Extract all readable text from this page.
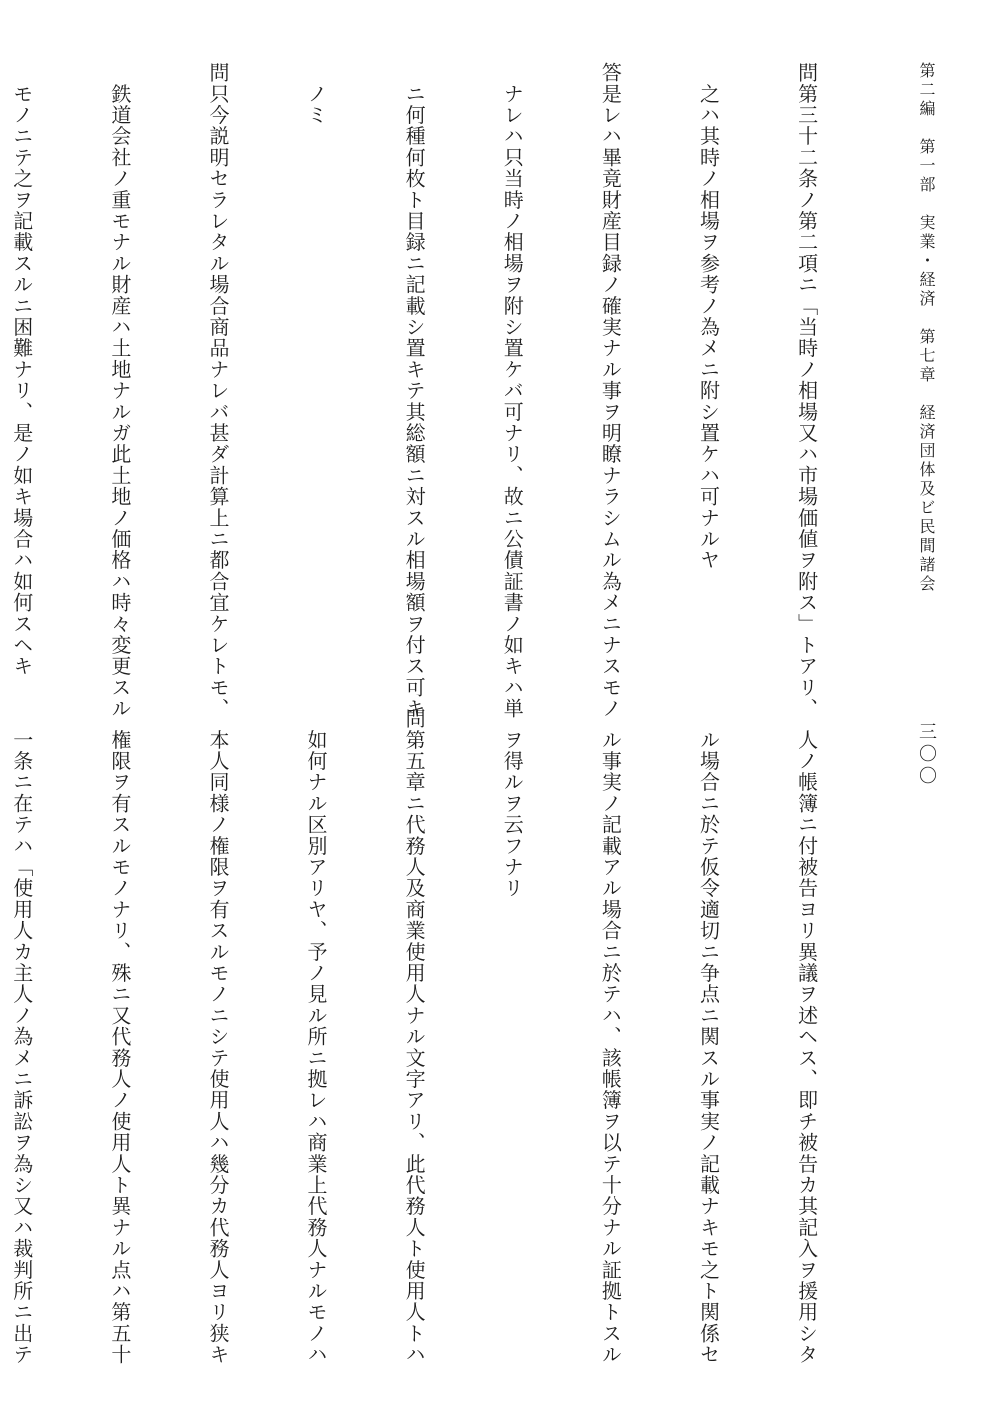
第二編　第一部　実業・経済　第七章　経済団体及ビ民間諸会
三〇〇

問第三十二条ノ第二項ニ「当時ノ相場又ハ市場価値ヲ附ス」トアリ、

　之ハ其時ノ相場ヲ参考ノ為メニ附シ置ケハ可ナルヤ

答是レハ畢竟財産目録ノ確実ナル事ヲ明瞭ナラシムル為メニナスモノ

　ナレハ只当時ノ相場ヲ附シ置ケバ可ナリ、故ニ公債証書ノ如キハ単

　ニ何種何枚ト目録ニ記載シ置キテ其総額ニ対スル相場額ヲ付ス可キ

　ノミ

問只今説明セラレタル場合商品ナレバ甚ダ計算上ニ都合宜ケレトモ、

　鉄道会社ノ重モナル財産ハ土地ナルガ此土地ノ価格ハ時々変更スル

　モノニテ之ヲ記載スルニ困難ナリ、是ノ如キ場合ハ如何スヘキ

　人ノ帳簿ニ付被告ヨリ異議ヲ述ヘス、即チ被告カ其記入ヲ援用シタ

　ル場合ニ於テ仮令適切ニ争点ニ関スル事実ノ記載ナキモ之ト関係セ

　ル事実ノ記載アル場合ニ於テハ、該帳簿ヲ以テ十分ナル証拠トスル

　ヲ得ルヲ云フナリ

問第五章ニ代務人及商業使用人ナル文字アリ、此代務人ト使用人トハ

　如何ナル区別アリヤ、予ノ見ル所ニ拠レハ商業上代務人ナルモノハ

　本人同様ノ権限ヲ有スルモノニシテ使用人ハ幾分カ代務人ヨリ狭キ

　権限ヲ有スルモノナリ、殊ニ又代務人ノ使用人ト異ナル点ハ第五十

　一条ニ在テハ「使用人カ主人ノ為メニ訴訟ヲ為シ又ハ裁判所ニ出テ
